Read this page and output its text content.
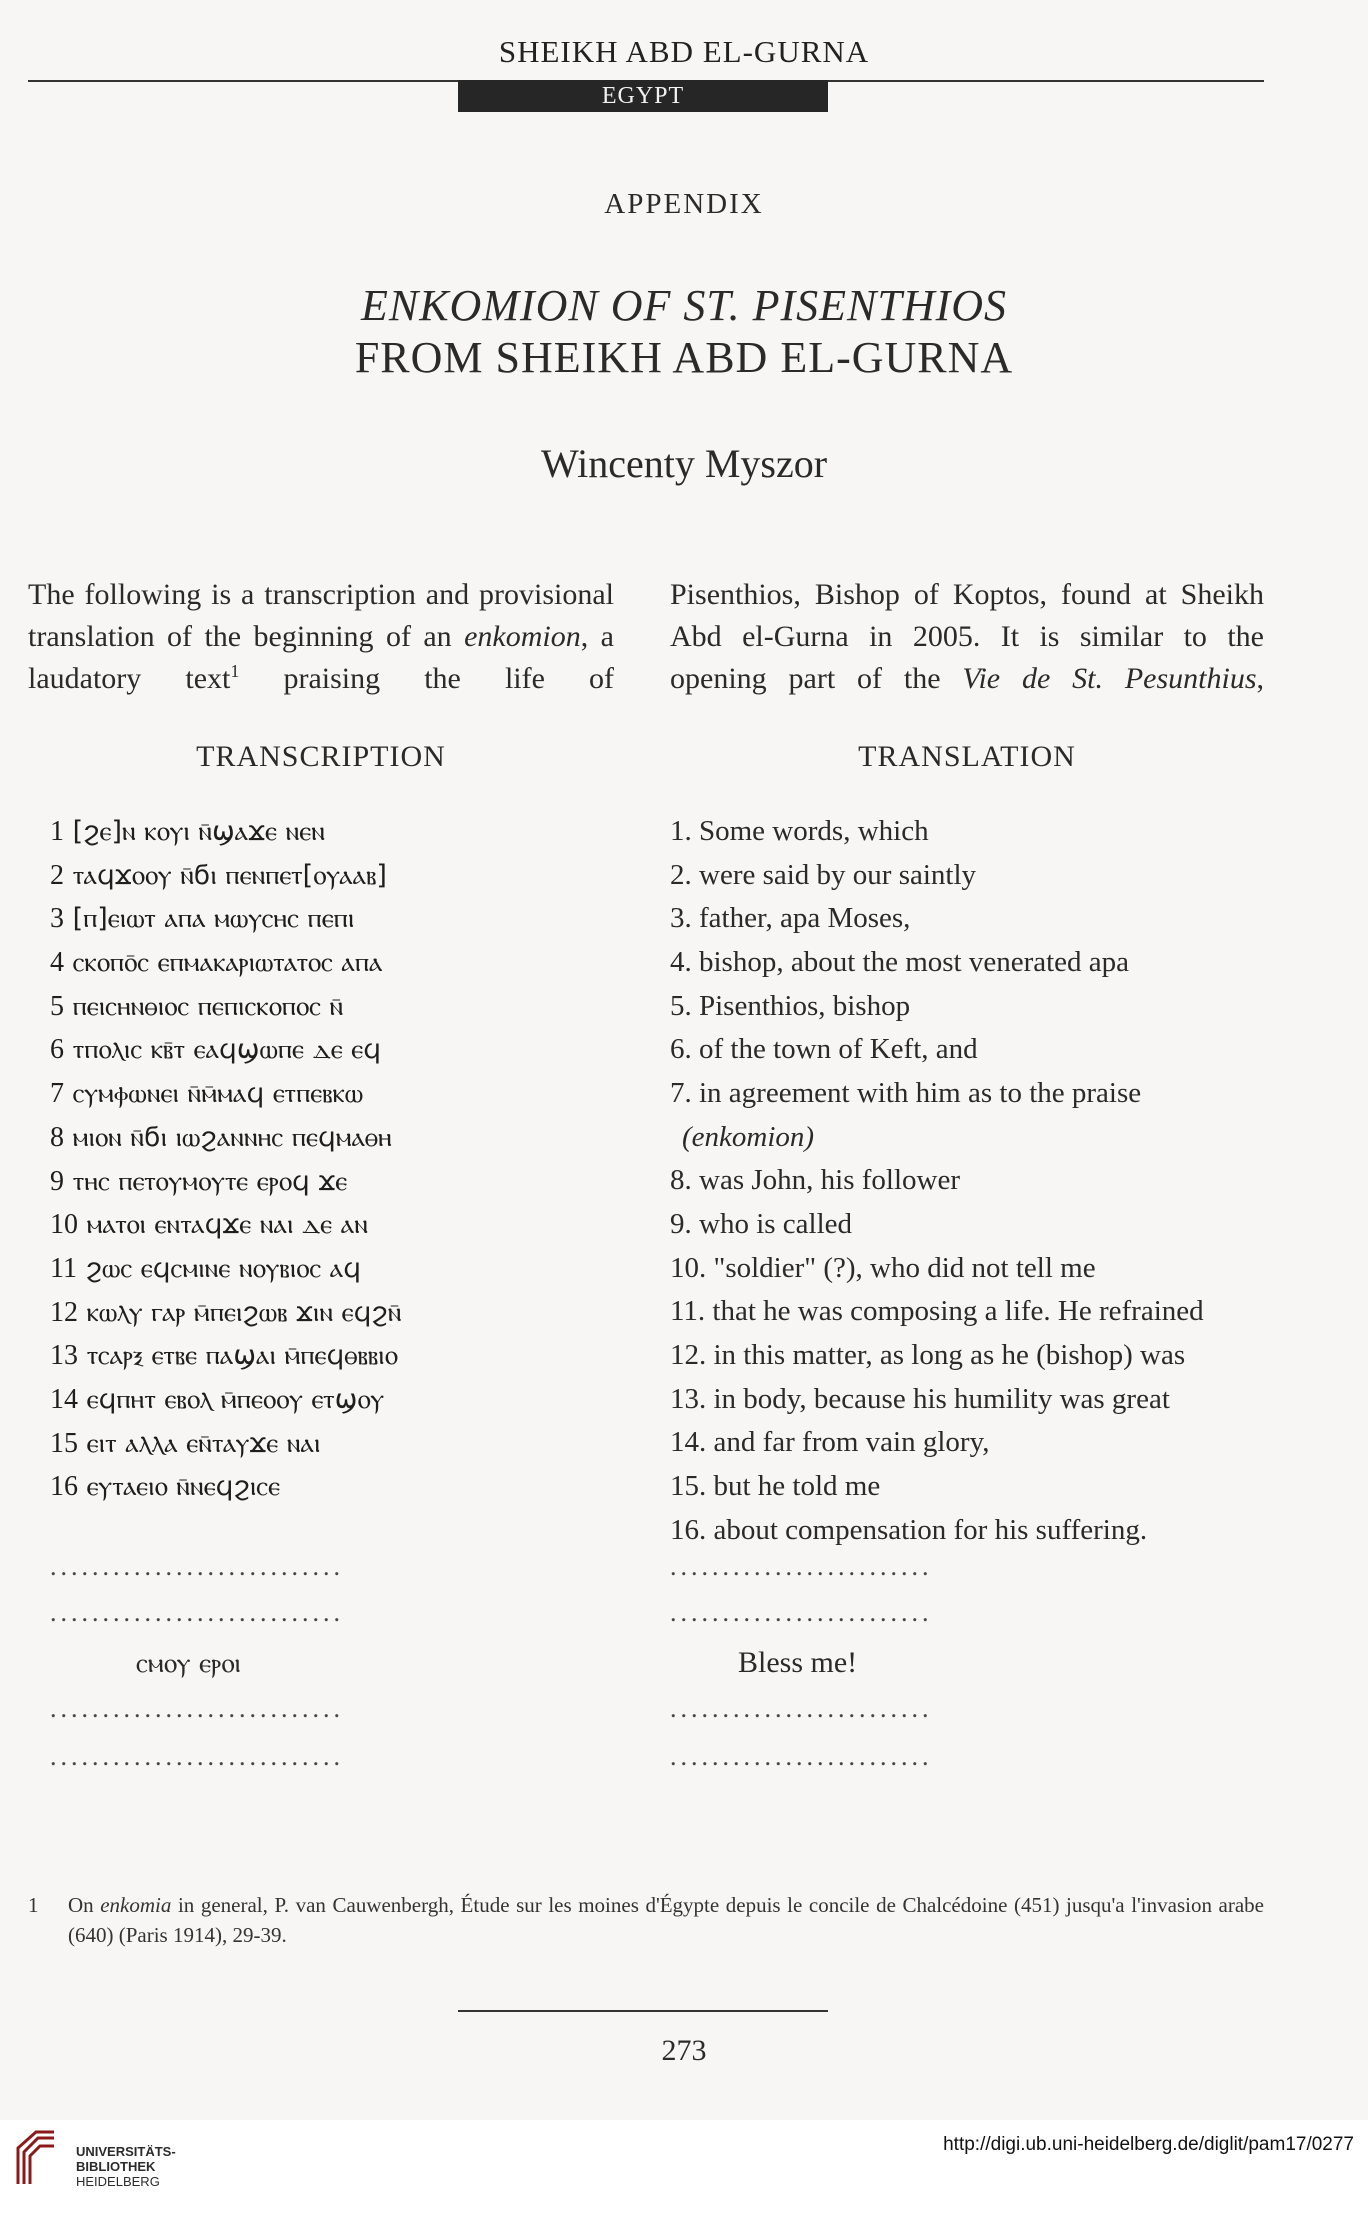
SHEIKH ABD EL-GURNA
EGYPT
APPENDIX
ENKOMION OF ST. PISENTHIOS
FROM SHEIKH ABD EL-GURNA
Wincenty Myszor

The following is a transcription and provisional translation of the beginning of an enkomion, a laudatory text$^1$ praising the life of

Pisenthios, Bishop of Koptos, found at Sheikh Abd el-Gurna in 2005. It is similar to the opening part of the Vie de St. Pesunthius,

TRANSCRIPTION	TRANSLATION
1 [ϩⲉ]ⲛ ⲕⲟⲩⲓ ⲛ̄ϣⲁϫⲉ ⲛⲉⲛ
2 ⲧⲁϥϫⲟⲟⲩ ⲛ̄ϭⲓ ⲡⲉⲛⲡⲉⲧ[ⲟⲩⲁⲁⲃ]
3 [ⲡ]ⲉⲓⲱⲧ ⲁⲡⲁ ⲙⲱⲩⲥⲏⲥ ⲡⲉⲡⲓ
4 ⲥⲕⲟⲡⲟ̄ⲥ ⲉⲡⲙⲁⲕⲁⲣⲓⲱⲧⲁⲧⲟⲥ ⲁⲡⲁ
5 ⲡⲉⲓⲥⲏⲛⲑⲓⲟⲥ ⲡⲉⲡⲓⲥⲕⲟⲡⲟⲥ ⲛ̄
6 ⲧⲡⲟⲗⲓⲥ ⲕⲃ̄ⲧ ⲉⲁϥϣⲱⲡⲉ ⲇⲉ ⲉϥ
7 ⲥⲩⲙⲫⲱⲛⲉⲓ ⲛ̄ⲙ̄ⲙⲁϥ ⲉⲧⲡⲉⲃⲕⲱ
8 ⲙⲓⲟⲛ ⲛ̄ϭⲓ ⲓⲱϩⲁⲛⲛⲏⲥ ⲡⲉϥⲙⲁⲑⲏ
9 ⲧⲏⲥ ⲡⲉⲧⲟⲩⲙⲟⲩⲧⲉ ⲉⲣⲟϥ ϫⲉ
10 ⲙⲁⲧⲟⲓ ⲉⲛⲧⲁϥϫⲉ ⲛⲁⲓ ⲇⲉ ⲁⲛ
11 ϩⲱⲥ ⲉϥⲥⲙⲓⲛⲉ ⲛⲟⲩⲃⲓⲟⲥ ⲁϥ
12 ⲕⲱⲗⲩ ⲅⲁⲣ ⲙ̄ⲡⲉⲓϩⲱⲃ ϫⲓⲛ ⲉϥϩⲛ̄
13 ⲧⲥⲁⲣⲝ ⲉⲧⲃⲉ ⲡⲁϣⲁⲓ ⲙ̄ⲡⲉϥⲑⲃⲃⲓⲟ
14 ⲉϥⲡⲏⲧ ⲉⲃⲟⲗ ⲙ̄ⲡⲉⲟⲟⲩ ⲉⲧϣⲟⲩ
15 ⲉⲓⲧ ⲁⲗⲗⲁ ⲉⲛ̄ⲧⲁⲩϫⲉ ⲛⲁⲓ
16 ⲉⲩⲧⲁⲉⲓⲟ ⲛ̄ⲛⲉϥϩⲓⲥⲉ
1. Some words, which
2. were said by our saintly
3. father, apa Moses,
4. bishop, about the most venerated apa
5. Pisenthios, bishop
6. of the town of Keft, and
7. in agreement with him as to the praise
(enkomion)
8. was John, his follower
9. who is called
10. "soldier" (?), who did not tell me
11. that he was composing a life. He refrained
12. in this matter, as long as he (bishop) was
13. in body, because his humility was great
14. and far from vain glory,
15. but he told me
16. about compensation for his suffering.
............................
............................
.........................
.........................
ⲥⲙⲟⲩ ⲉⲣⲟⲓ	Bless me!
............................
............................
.........................
.........................
1 On enkomia in general, P. van Cauwenbergh, Étude sur les moines d'Égypte depuis le concile de Chalcédoine (451) jusqu'a l'invasion arabe (640) (Paris 1914), 29-39.
273
UNIVERSITÄTS-
BIBLIOTHEK
HEIDELBERG
http://digi.ub.uni-heidelberg.de/diglit/pam17/0277
